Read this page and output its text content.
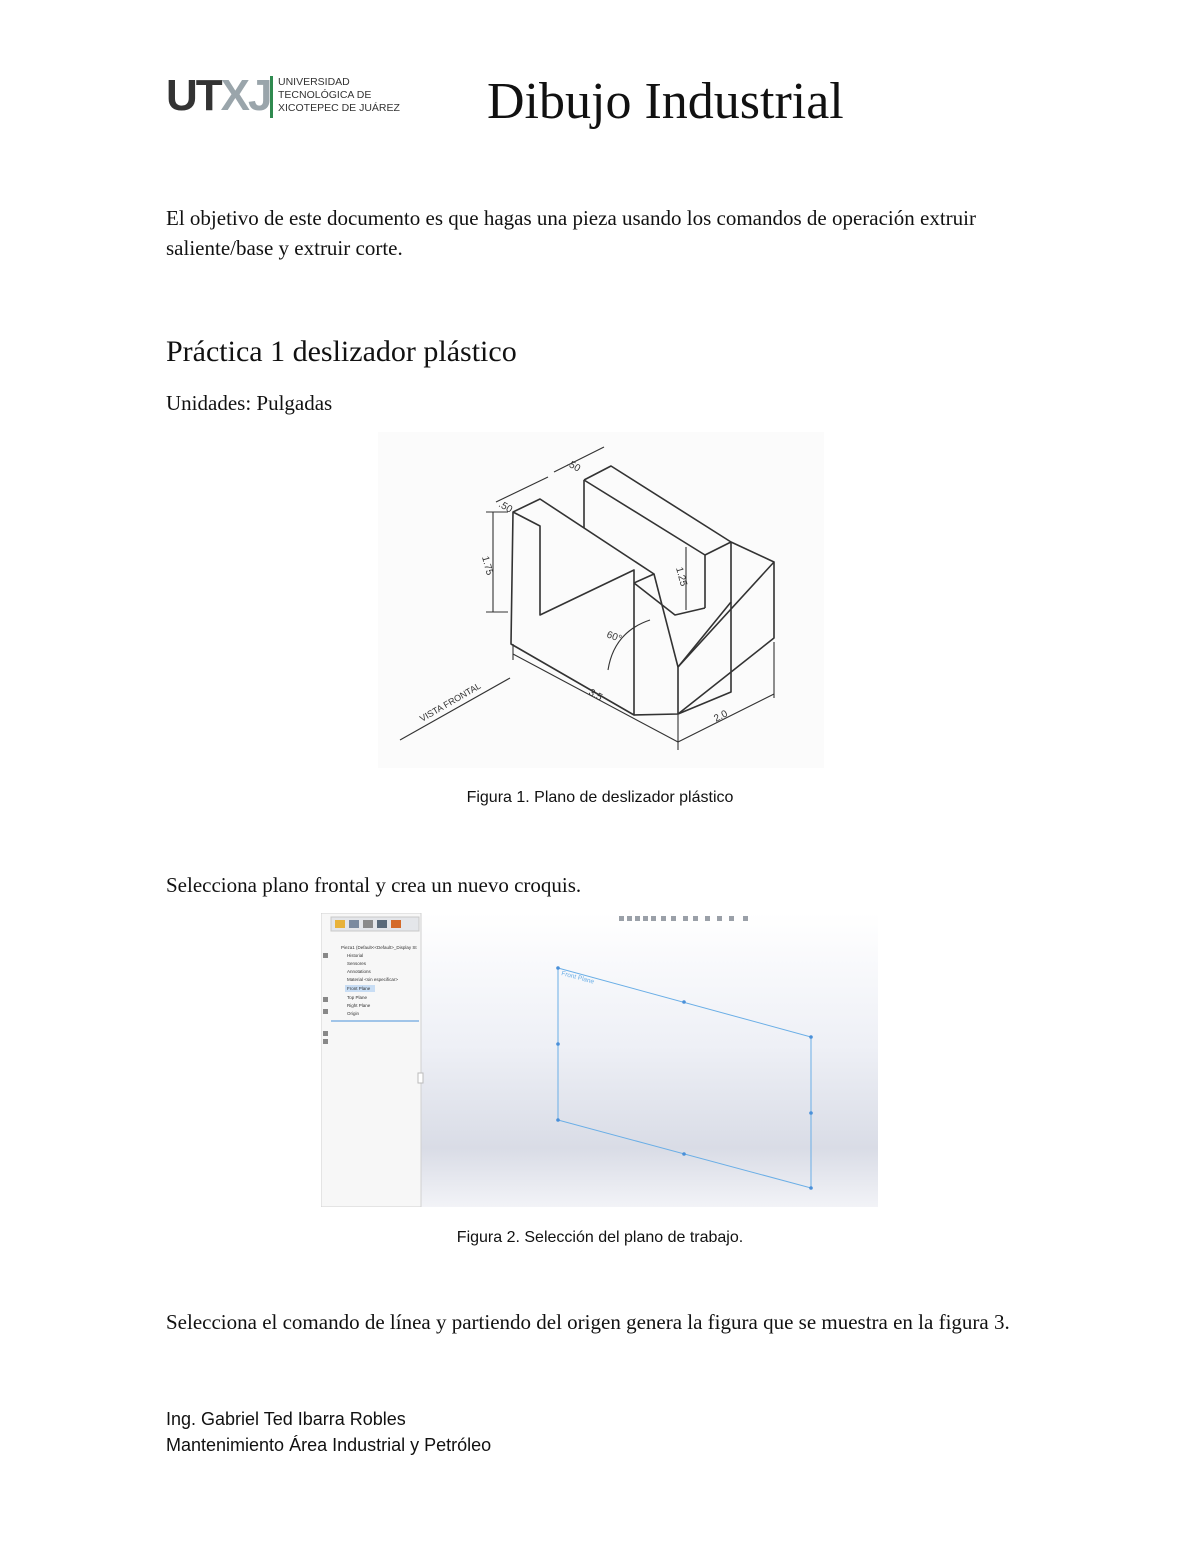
UTXJ UNIVERSIDAD
TECNOLÓGICA DE
XICOTEPEC DE JUÁREZ Dibujo Industrial
El objetivo de este documento es que hagas una pieza usando los comandos de operación extruir saliente/base y extruir corte.
Práctica 1 deslizador plástico
Unidades: Pulgadas
.50
.50
1.75
1.25
60°
3.5
2.0
VISTA FRONTAL
Figura 1. Plano de deslizador plástico
Selecciona plano frontal y crea un nuevo croquis.
Pieza1 (Default<<Default>_Display St
Historial
Sensores
Annotations
Material <sin especificar>
Front Plane
Top Plane
Right Plane
Origin
Front Plane
Figura 2. Selección del plano de trabajo.
Selecciona el comando de línea y partiendo del origen genera la figura que se muestra en la figura 3.
Ing. Gabriel Ted Ibarra Robles
Mantenimiento Área Industrial y Petróleo
